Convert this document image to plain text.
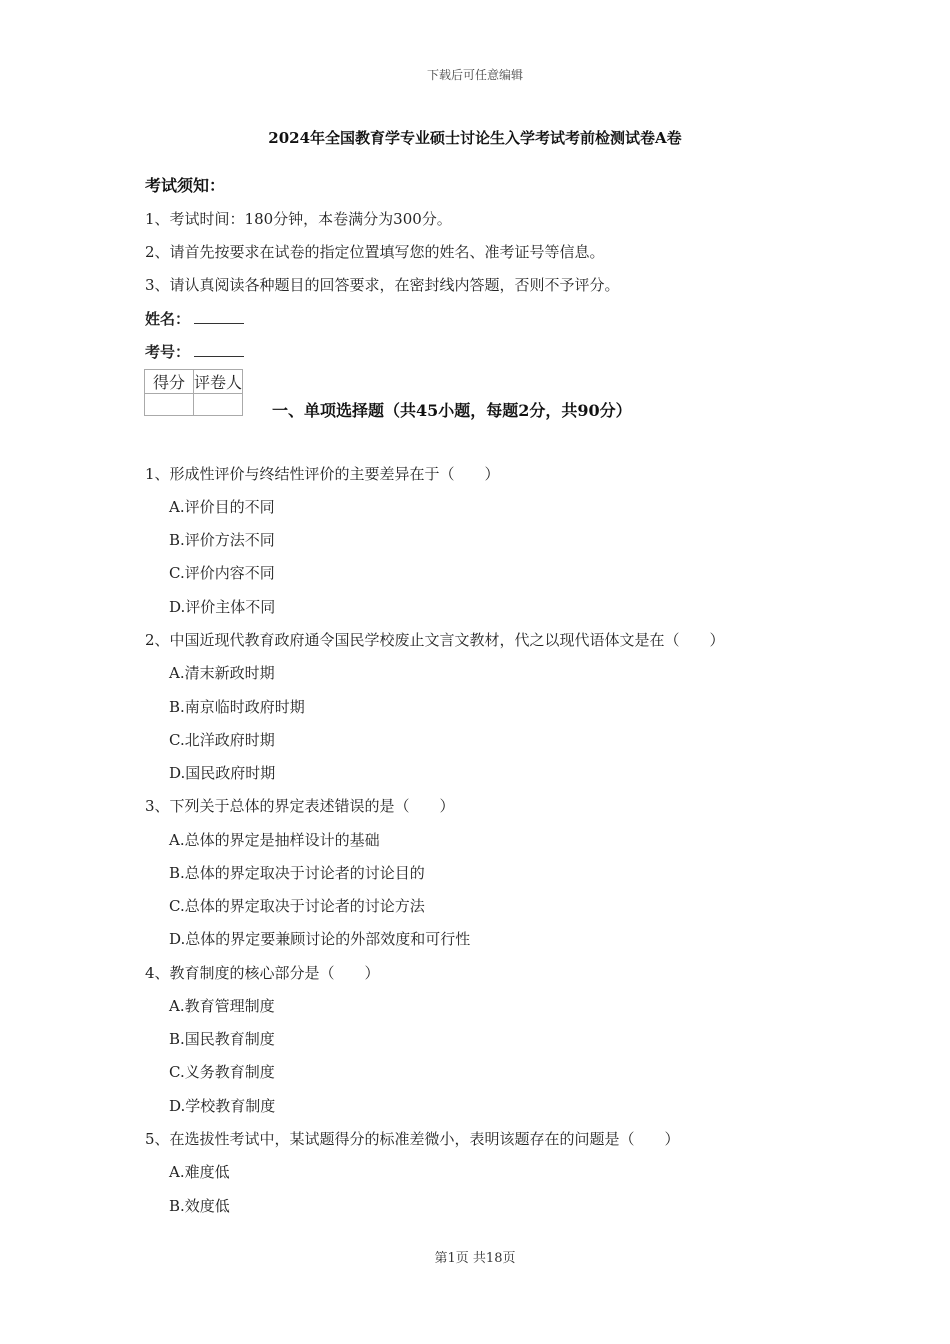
下载后可任意编辑
2024年全国教育学专业硕士讨论生入学考试考前检测试卷A卷
考试须知：
1、考试时间：180分钟，本卷满分为300分。
2、请首先按要求在试卷的指定位置填写您的姓名、准考证号等信息。
3、请认真阅读各种题目的回答要求，在密封线内答题，否则不予评分。
姓名：
考号：
得分	评卷人

一、单项选择题（共45小题，每题2分，共90分）
1、形成性评价与终结性评价的主要差异在于（　　）
A.评价目的不同
B.评价方法不同
C.评价内容不同
D.评价主体不同
2、中国近现代教育政府通令国民学校废止文言文教材，代之以现代语体文是在（　　）
A.清末新政时期
B.南京临时政府时期
C.北洋政府时期
D.国民政府时期
3、下列关于总体的界定表述错误的是（　　）
A.总体的界定是抽样设计的基础
B.总体的界定取决于讨论者的讨论目的
C.总体的界定取决于讨论者的讨论方法
D.总体的界定要兼顾讨论的外部效度和可行性
4、教育制度的核心部分是（　　）
A.教育管理制度
B.国民教育制度
C.义务教育制度
D.学校教育制度
5、在选拔性考试中，某试题得分的标准差微小，表明该题存在的问题是（　　）
A.难度低
B.效度低
第1页 共18页
